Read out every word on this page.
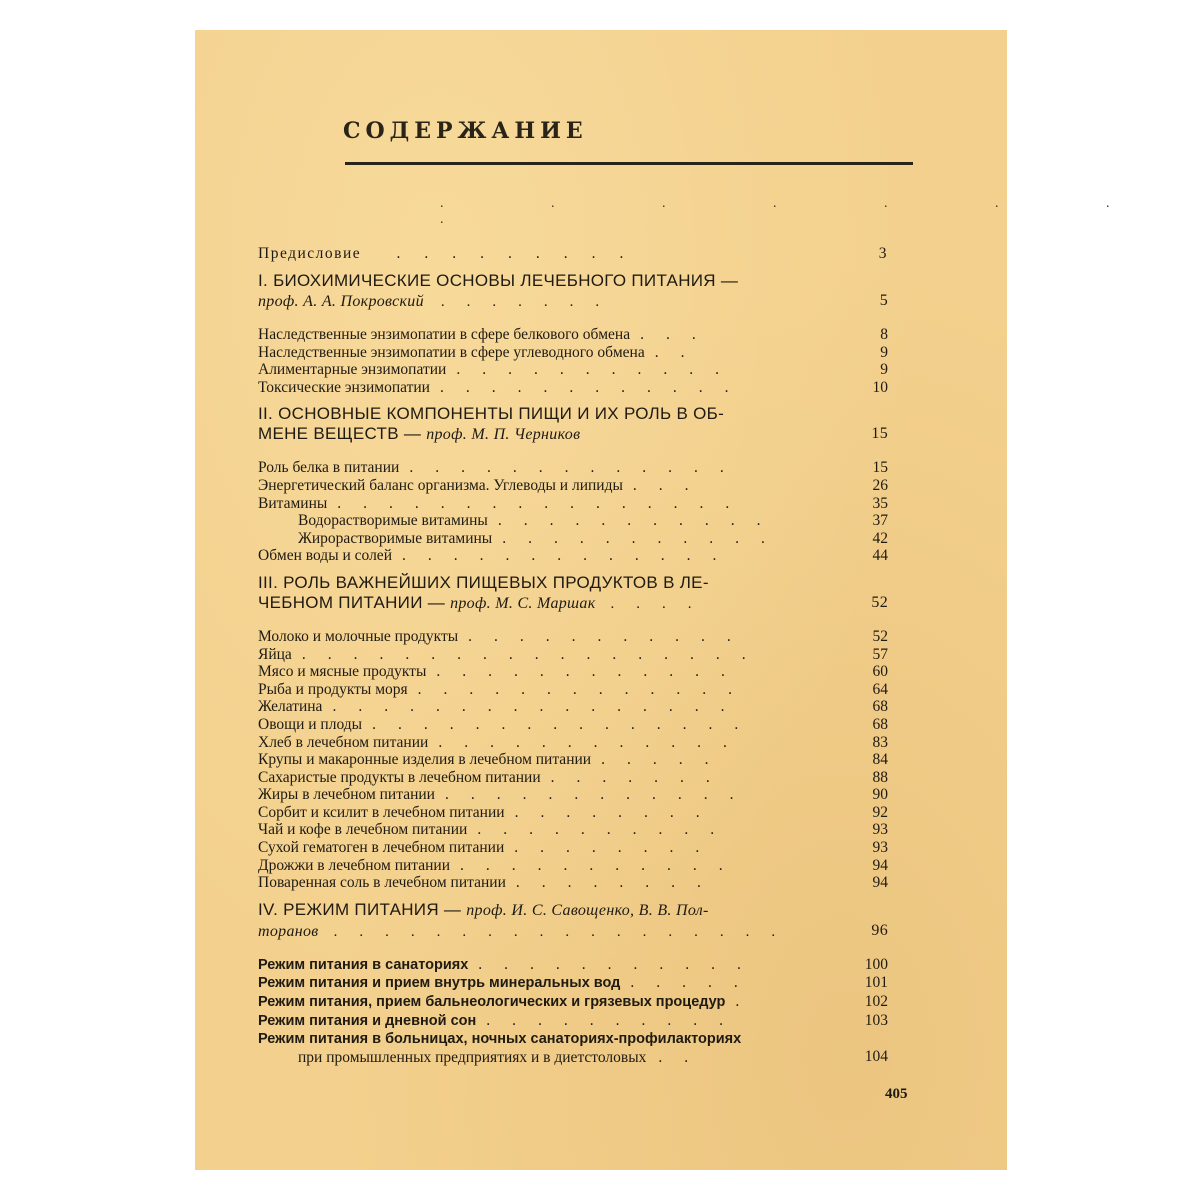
СОДЕРЖАНИЕ
. . . . . . . .
Предисловие .........	3
I. БИОХИМИЧЕСКИЕ ОСНОВЫ ЛЕЧЕБНОГО ПИТАНИЯ —
проф. А. А. Покровский .......	5
Наследственные энзимопатии в сфере белкового обмена ...	8
Наследственные энзимопатии в сфере углеводного обмена ..	9
Алиментарные энзимопатии ...........	9
Токсические энзимопатии ............	10
II. ОСНОВНЫЕ КОМПОНЕНТЫ ПИЩИ И ИХ РОЛЬ В ОБ-
МЕНЕ ВЕЩЕСТВ — проф. М. П. Черников	15
Роль белка в питании .............	15
Энергетический баланс организма. Углеводы и липиды ...	26
Витамины ................	35
Водорастворимые витамины ...........	37
Жирорастворимые витамины ...........	42
Обмен воды и солей .............	44
III. РОЛЬ ВАЖНЕЙШИХ ПИЩЕВЫХ ПРОДУКТОВ В ЛЕ-
ЧЕБНОМ ПИТАНИИ — проф. М. С. Маршак ....	52
Молоко и молочные продукты ...........	52
Яйца ..................	57
Мясо и мясные продукты ............	60
Рыба и продукты моря .............	64
Желатина ................	68
Овощи и плоды ...............	68
Хлеб в лечебном питании ............	83
Крупы и макаронные изделия в лечебном питании .....	84
Сахаристые продукты в лечебном питании .......	88
Жиры в лечебном питании ............	90
Сорбит и ксилит в лечебном питании ........	92
Чай и кофе в лечебном питании ..........	93
Сухой гематоген в лечебном питании ........	93
Дрожжи в лечебном питании ...........	94
Поваренная соль в лечебном питании ........	94
IV. РЕЖИМ ПИТАНИЯ — проф. И. С. Савощенко, В. В. Пол-
торанов ..................	96
Режим питания в санаториях ...........	100
Режим питания и прием внутрь минеральных вод .....	101
Режим питания, прием бальнеологических и грязевых процедур .	102
Режим питания и дневной сон ..........	103
Режим питания в больницах, ночных санаториях-профилакториях
при промышленных предприятиях и в диетстоловых ..	104
405
